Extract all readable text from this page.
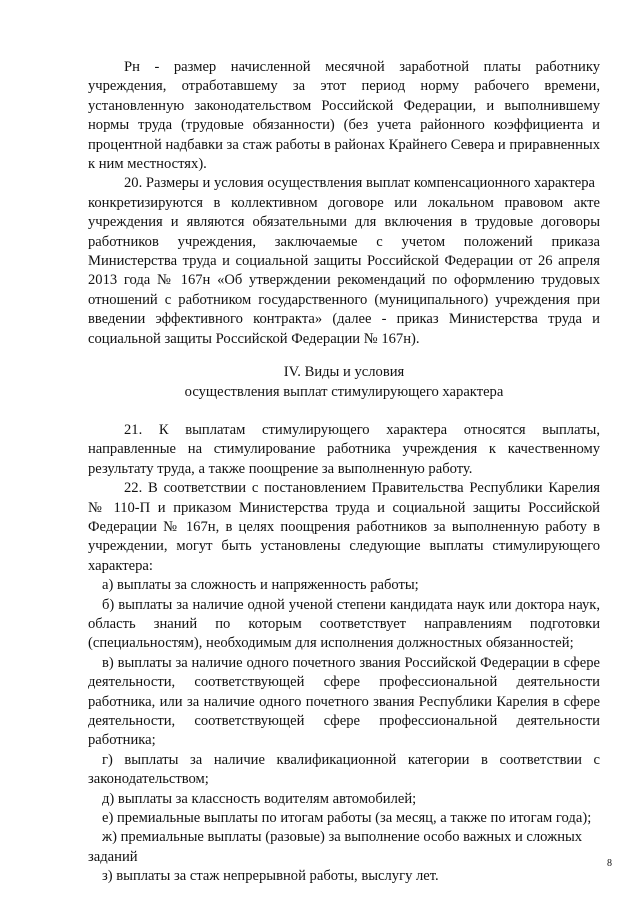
Рн - размер начисленной месячной заработной платы работнику учреждения, отработавшему за этот период норму рабочего времени, установленную законодательством Российской Федерации, и выполнившему нормы труда (трудовые обязанности) (без учета районного коэффициента и процентной надбавки за стаж работы в районах Крайнего Севера и приравненных к ним местностях).

20. Размеры и условия осуществления выплат компенсационного характера

конкретизируются в коллективном договоре или локальном правовом акте учреждения и являются обязательными для включения в трудовые договоры работников учреждения, заключаемые с учетом положений приказа Министерства труда и социальной защиты Российской Федерации от 26 апреля 2013 года № 167н «Об утверждении рекомендаций по оформлению трудовых отношений с работником государственного (муниципального) учреждения при введении эффективного контракта» (далее - приказ Министерства труда и социальной защиты Российской Федерации № 167н).

IV. Виды и условия
осуществления выплат стимулирующего характера

21. К выплатам стимулирующего характера относятся выплаты, направленные на стимулирование работника учреждения к качественному результату труда, а также поощрение за выполненную работу.

22. В соответствии с постановлением Правительства Республики Карелия № 110-П и приказом Министерства труда и социальной защиты Российской Федерации № 167н, в целях поощрения работников за выполненную работу в учреждении, могут быть установлены следующие выплаты стимулирующего характера:

а) выплаты за сложность и напряженность работы;

б) выплаты за наличие одной ученой степени кандидата наук или доктора наук, область знаний по которым соответствует направлениям подготовки (специальностям), необходимым для исполнения должностных обязанностей;

в) выплаты за наличие одного почетного звания Российской Федерации в сфере деятельности, соответствующей сфере профессиональной деятельности работника, или за наличие одного почетного звания Республики Карелия в сфере деятельности, соответствующей сфере профессиональной деятельности работника;

г) выплаты за наличие квалификационной категории в соответствии с законодательством;

д) выплаты за классность водителям автомобилей;

е) премиальные выплаты по итогам работы (за месяц, а также по итогам года);

ж) премиальные выплаты (разовые) за выполнение особо важных и сложных заданий

з) выплаты за стаж непрерывной работы, выслугу лет.

8
